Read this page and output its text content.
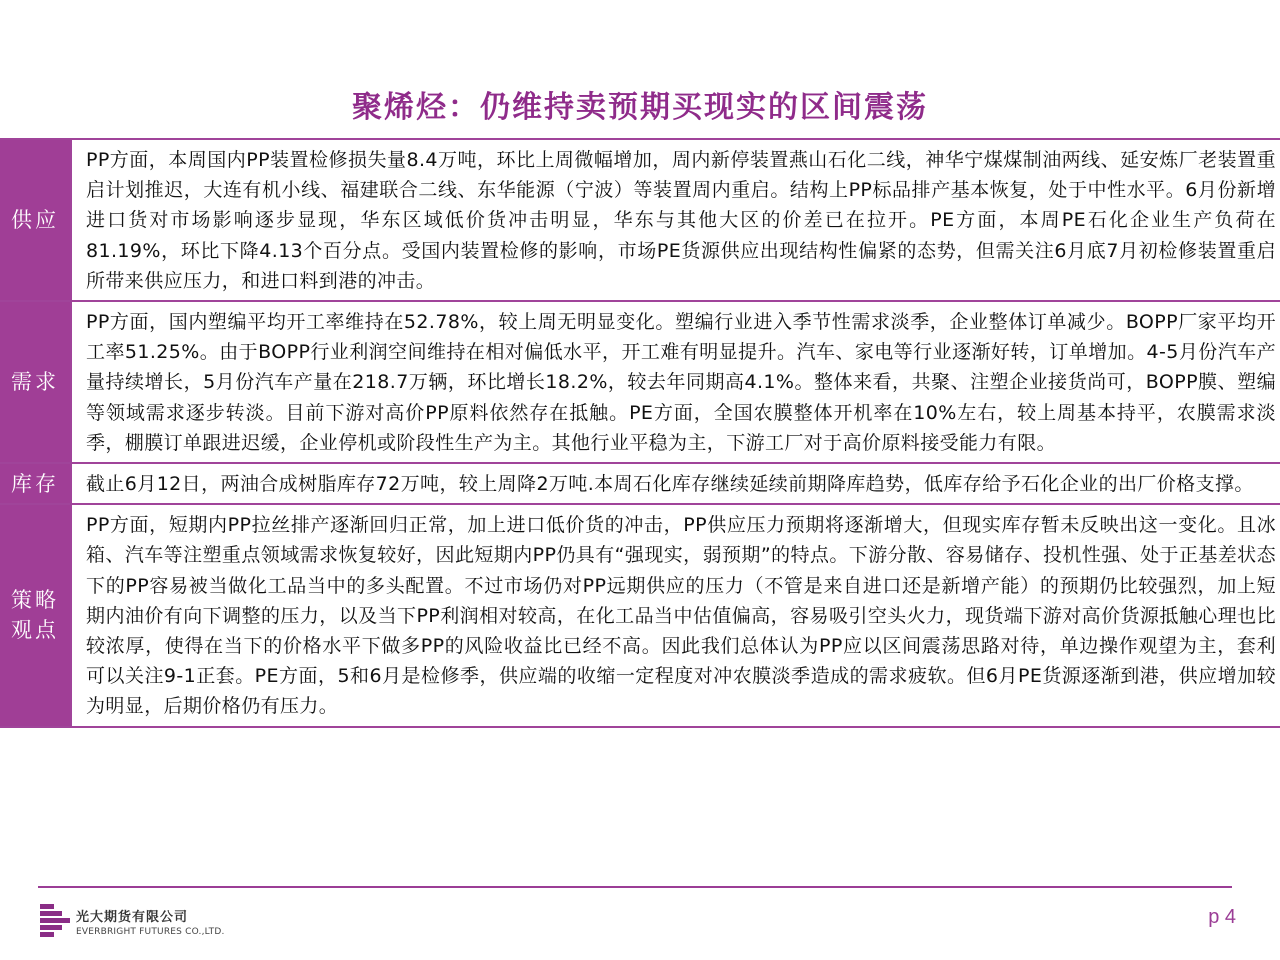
聚烯烃：仍维持卖预期买现实的区间震荡
供应
PP方面，本周国内PP装置检修损失量8.4万吨，环比上周微幅增加，周内新停装置燕山石化二线，神华宁煤煤制油两线、延安炼厂老装置重启计划推迟，大连有机小线、福建联合二线、东华能源（宁波）等装置周内重启。结构上PP标品排产基本恢复，处于中性水平。6月份新增进口货对市场影响逐步显现，华东区域低价货冲击明显，华东与其他大区的价差已在拉开。PE方面，本周PE石化企业生产负荷在81.19%，环比下降4.13个百分点。受国内装置检修的影响，市场PE货源供应出现结构性偏紧的态势，但需关注6月底7月初检修装置重启所带来供应压力，和进口料到港的冲击。
需求
PP方面，国内塑编平均开工率维持在52.78%，较上周无明显变化。塑编行业进入季节性需求淡季，企业整体订单减少。BOPP厂家平均开工率51.25%。由于BOPP行业利润空间维持在相对偏低水平，开工难有明显提升。汽车、家电等行业逐渐好转，订单增加。4-5月份汽车产量持续增长，5月份汽车产量在218.7万辆，环比增长18.2%，较去年同期高4.1%。整体来看，共聚、注塑企业接货尚可，BOPP膜、塑编等领域需求逐步转淡。目前下游对高价PP原料依然存在抵触。PE方面，全国农膜整体开机率在10%左右，较上周基本持平，农膜需求淡季，棚膜订单跟进迟缓，企业停机或阶段性生产为主。其他行业平稳为主，下游工厂对于高价原料接受能力有限。
库存	截止6月12日，两油合成树脂库存72万吨，较上周降2万吨.本周石化库存继续延续前期降库趋势，低库存给予石化企业的出厂价格支撑。
策略观点
PP方面，短期内PP拉丝排产逐渐回归正常，加上进口低价货的冲击，PP供应压力预期将逐渐增大，但现实库存暂未反映出这一变化。且冰箱、汽车等注塑重点领域需求恢复较好，因此短期内PP仍具有“强现实，弱预期”的特点。下游分散、容易储存、投机性强、处于正基差状态下的PP容易被当做化工品当中的多头配置。不过市场仍对PP远期供应的压力（不管是来自进口还是新增产能）的预期仍比较强烈，加上短期内油价有向下调整的压力，以及当下PP利润相对较高，在化工品当中估值偏高，容易吸引空头火力，现货端下游对高价货源抵触心理也比较浓厚，使得在当下的价格水平下做多PP的风险收益比已经不高。因此我们总体认为PP应以区间震荡思路对待，单边操作观望为主，套利可以关注9-1正套。PE方面，5和6月是检修季，供应端的收缩一定程度对冲农膜淡季造成的需求疲软。但6月PE货源逐渐到港，供应增加较为明显，后期价格仍有压力。
光大期货有限公司
EVERBRIGHT FUTURES CO.,LTD.
p 4
